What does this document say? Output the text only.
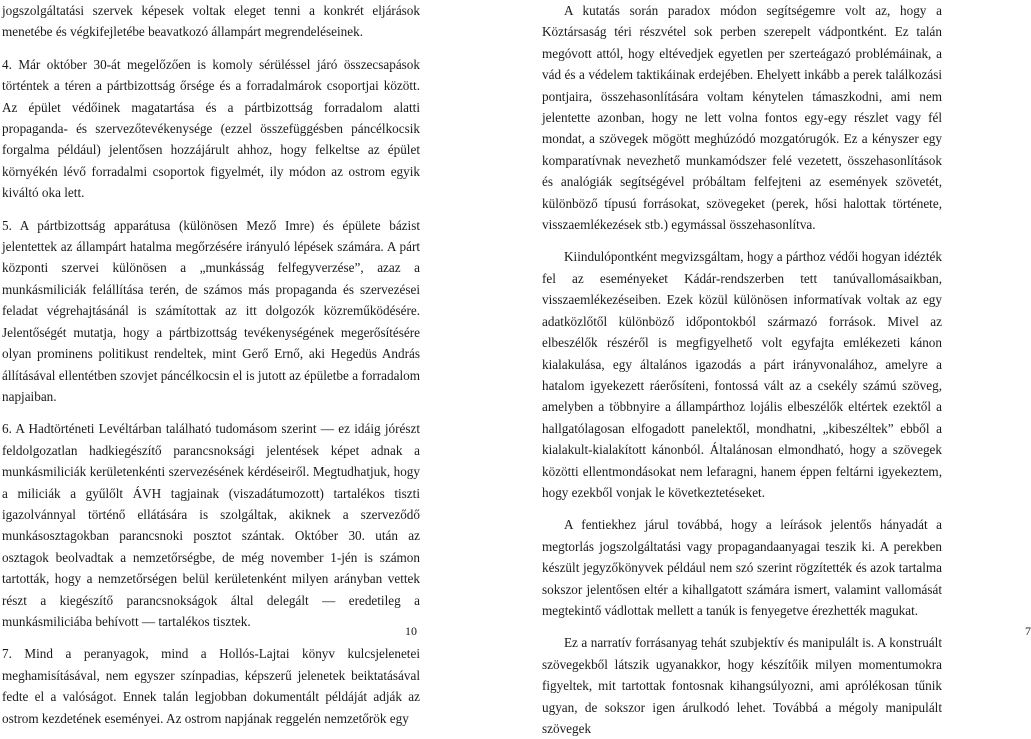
jogszolgáltatási szervek képesek voltak eleget tenni a konkrét eljárások menetébe és végkifejletébe beavatkozó állampárt megrendeléseinek.

4. Már október 30-át megelőzően is komoly sérüléssel járó összecsapások történtek a téren a pártbizottság őrsége és a forradalmárok csoportjai között. Az épület védőinek magatartása és a pártbizottság forradalom alatti propaganda- és szervezőtevékenysége (ezzel összefüggésben páncélkocsik forgalma például) jelentősen hozzájárult ahhoz, hogy felkeltse az épület környékén lévő forradalmi csoportok figyelmét, ily módon az ostrom egyik kiváltó oka lett.

5. A pártbizottság apparátusa (különösen Mező Imre) és épülete bázist jelentettek az állampárt hatalma megőrzésére irányuló lépések számára. A párt központi szervei különösen a „munkásság felfegyverzése”, azaz a munkásmiliciák felállítása terén, de számos más propaganda és szervezései feladat végrehajtásánál is számítottak az itt dolgozók közreműködésére. Jelentőségét mutatja, hogy a pártbizottság tevékenységének megerősítésére olyan prominens politikust rendeltek, mint Gerő Ernő, aki Hegedüs András állításával ellentétben szovjet páncélkocsin el is jutott az épületbe a forradalom napjaiban.

6. A Hadtörténeti Levéltárban található tudomásom szerint — ez idáig jórészt feldolgozatlan hadkiegészítő parancsnoksági jelentések képet adnak a munkásmiliciák kerületenkénti szervezésének kérdéseiről. Megtudhatjuk, hogy a miliciák a gyűlőlt ÁVH tagjainak (viszadátumozott) tartalékos tiszti igazolvánnyal történő ellátására is szolgáltak, akiknek a szerveződő munkásosztagokban parancsnoki posztot szántak. Október 30. után az osztagok beolvadtak a nemzetőrségbe, de még november 1-jén is számon tartották, hogy a nemzetőrségen belül kerületenként milyen arányban vettek részt a kiegészítő parancsnokságok által delegált — eredetileg a munkásmiliciába behívott — tartalékos tisztek.

7. Mind a peranyagok, mind a Hollós-Lajtai könyv kulcsjelenetei meghamisításával, nem egyszer színpadias, képszerű jelenetek beiktatásával fedte el a valóságot. Ennek talán legjobban dokumentált példáját adják az ostrom kezdetének eseményei. Az ostrom napjának reggelén nemzetőrök egy

10

A kutatás során paradox módon segítségemre volt az, hogy a Köztársaság téri részvétel sok perben szerepelt vádpontként. Ez talán megóvott attól, hogy eltévedjek egyetlen per szerteágazó problémáinak, a vád és a védelem taktikáinak erdejében. Ehelyett inkább a perek találkozási pontjaira, összehasonlítására voltam kénytelen támaszkodni, ami nem jelentette azonban, hogy ne lett volna fontos egy-egy részlet vagy fél mondat, a szövegek mögött meghúzódó mozgatórugók. Ez a kényszer egy komparatívnak nevezhető munkamódszer felé vezetett, összehasonlítások és analógiák segítségével próbáltam felfejteni az események szövetét, különböző típusú forrásokat, szövegeket (perek, hősi halottak története, visszaemlékezések stb.) egymással összehasonlítva.

Kiindulópontként megvizsgáltam, hogy a párthoz védői hogyan idézték fel az eseményeket Kádár-rendszerben tett tanúvallomásaikban, visszaemlékezéseiben. Ezek közül különösen informatívak voltak az egy adatközlőtől különböző időpontokból származó források. Mivel az elbeszélők részéről is megfigyelhető volt egyfajta emlékezeti kánon kialakulása, egy általános igazodás a párt irányvonalához, amelyre a hatalom igyekezett ráerősíteni, fontossá vált az a csekély számú szöveg, amelyben a többnyire a állampárthoz lojális elbeszélők eltértek ezektől a hallgatólagosan elfogadott panelektől, mondhatni, „kibeszéltek” ebből a kialakult-kialakított kánonból. Általánosan elmondható, hogy a szövegek közötti ellentmondásokat nem lefaragni, hanem éppen feltárni igyekeztem, hogy ezekből vonjak le következtetéseket.

A fentiekhez járul továbbá, hogy a leírások jelentős hányadát a megtorlás jogszolgáltatási vagy propagandaanyagai teszik ki. A perekben készült jegyzőkönyvek például nem szó szerint rögzítették és azok tartalma sokszor jelentősen eltér a kihallgatott számára ismert, valamint vallomását megtekintő vádlottak mellett a tanúk is fenyegetve érezhették magukat.

Ez a narratív forrásanyag tehát szubjektív és manipulált is. A konstruált szövegekből látszik ugyanakkor, hogy készítőik milyen momentumokra figyeltek, mit tartottak fontosnak kihangsúlyozni, ami aprólékosan tűnik ugyan, de sokszor igen árulkodó lehet. Továbbá a mégoly manipulált szövegek

7
